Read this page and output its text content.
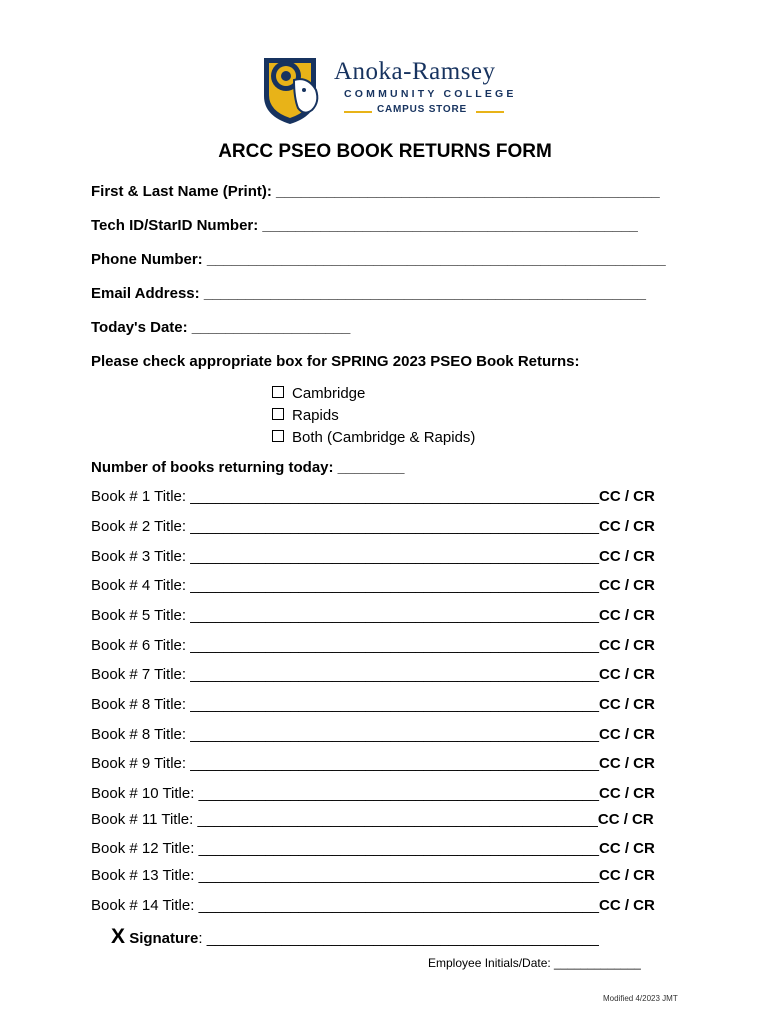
Anoka-Ramsey
COMMUNITY COLLEGE
CAMPUS STORE
ARCC PSEO BOOK RETURNS FORM
First & Last Name (Print): ______________________________________________
Tech ID/StarID Number: _____________________________________________
Phone Number: _______________________________________________________
Email Address: _____________________________________________________
Today's Date: ___________________
Please check appropriate box for SPRING 2023 PSEO Book Returns:
Cambridge
Rapids
Both (Cambridge & Rapids)
Number of books returning today: ________
Book # 1 Title: _________________________________________________CC / CR
Book # 2 Title: _________________________________________________CC / CR
Book # 3 Title: _________________________________________________CC / CR
Book # 4 Title: _________________________________________________CC / CR
Book # 5 Title: _________________________________________________CC / CR
Book # 6 Title: _________________________________________________CC / CR
Book # 7 Title: _________________________________________________CC / CR
Book # 8 Title: _________________________________________________CC / CR
Book # 8 Title: _________________________________________________CC / CR
Book # 9 Title: _________________________________________________CC / CR
Book # 10 Title: ________________________________________________CC / CR
Book # 11 Title: ________________________________________________CC / CR
Book # 12 Title: ________________________________________________CC / CR
Book # 13 Title: ________________________________________________CC / CR
Book # 14 Title: ________________________________________________CC / CR
X Signature: _______________________________________________
Employee Initials/Date: _____________
Modified 4/2023 JMT
